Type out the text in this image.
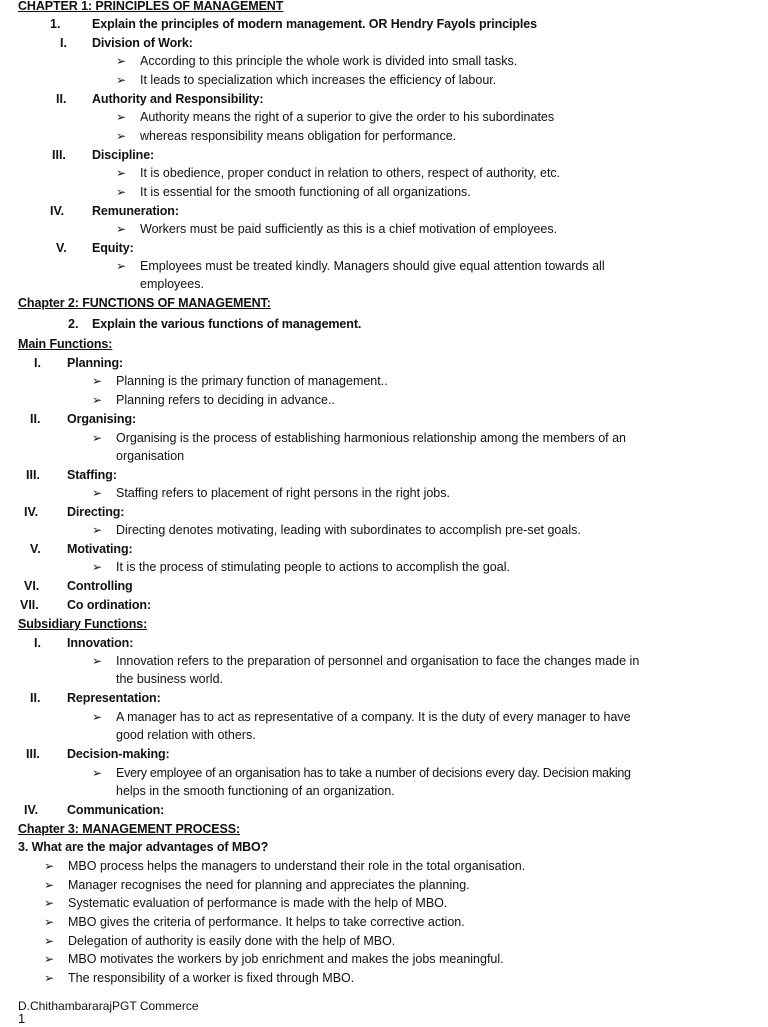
CHAPTER 1: PRINCIPLES OF MANAGEMENT
1.	Explain the principles of modern management. OR Hendry Fayols principles
I. Division of Work:
➢ According to this principle the whole work is divided into small tasks.
➢ It leads to specialization which increases the efficiency of labour.
II. Authority and Responsibility:
➢ Authority means the right of a superior to give the order to his subordinates
➢ whereas responsibility means obligation for performance.
III. Discipline:
➢ It is obedience, proper conduct in relation to others, respect of authority, etc.
➢ It is essential for the smooth functioning of all organizations.
IV. Remuneration:
➢ Workers must be paid sufficiently as this is a chief motivation of employees.
V. Equity:
➢ Employees must be treated kindly. Managers should give equal attention towards all
employees.
Chapter 2: FUNCTIONS OF MANAGEMENT:
2. Explain the various functions of management.
Main Functions:
I. Planning:
➢ Planning is the primary function of management..
➢ Planning refers to deciding in advance..
II. Organising:
➢ Organising is the process of establishing harmonious relationship among the members of an
organisation
III. Staffing:
➢ Staffing refers to placement of right persons in the right jobs.
IV. Directing:
➢ Directing denotes motivating, leading with subordinates to accomplish pre-set goals.
V. Motivating:
➢ It is the process of stimulating people to actions to accomplish the goal.
VI. Controlling
VII. Co ordination:
Subsidiary Functions:
I. Innovation:
➢ Innovation refers to the preparation of personnel and organisation to face the changes made in
the business world.
II. Representation:
➢ A manager has to act as representative of a company. It is the duty of every manager to have
good relation with others.
III. Decision-making:
➢ Every employee of an organisation has to take a number of decisions every day. Decision making
helps in the smooth functioning of an organization.
IV. Communication:
Chapter 3: MANAGEMENT PROCESS:
3. What are the major advantages of MBO?
➢ MBO process helps the managers to understand their role in the total organisation.
➢ Manager recognises the need for planning and appreciates the planning.
➢ Systematic evaluation of performance is made with the help of MBO.
➢ MBO gives the criteria of performance. It helps to take corrective action.
➢ Delegation of authority is easily done with the help of MBO.
➢ MBO motivates the workers by job enrichment and makes the jobs meaningful.
➢ The responsibility of a worker is fixed through MBO.
D.ChithambararajPGT Commerce
1
